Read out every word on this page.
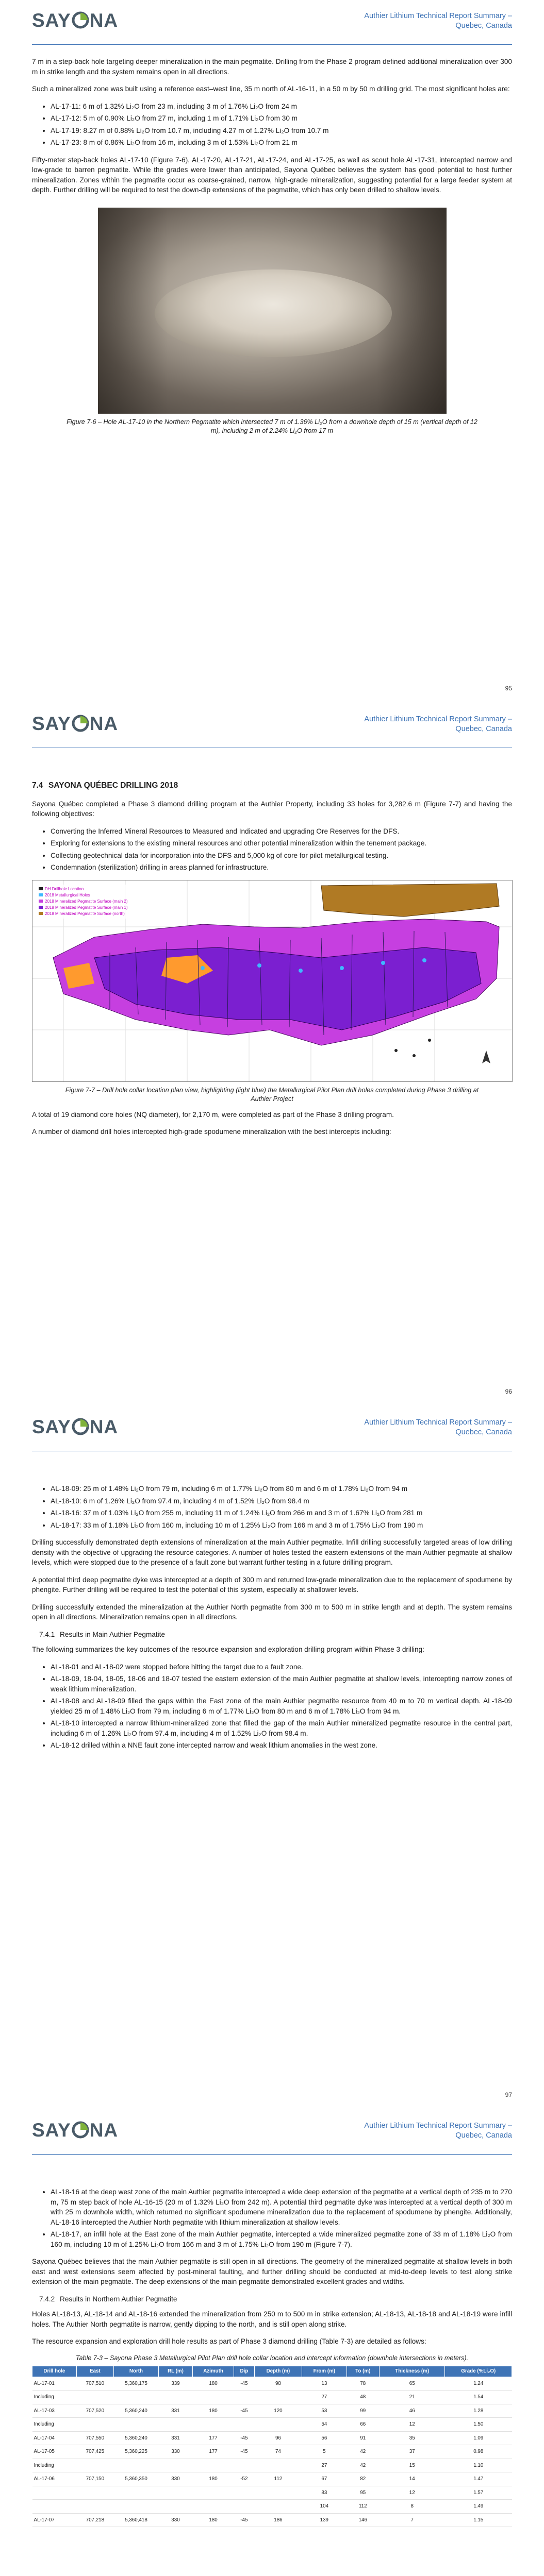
SAY NA	Authier Lithium Technical Report Summary –
Quebec, Canada

7 m in a step-back hole targeting deeper mineralization in the main pegmatite. Drilling from the Phase 2 program defined additional mineralization over 300 m in strike length and the system remains open in all directions.

Such a mineralized zone was built using a reference east–west line, 35 m north of AL-16-11, in a 50 m by 50 m drilling grid. The most significant holes are:

• AL-17-11: 6 m of 1.32% Li₂O from 23 m, including 3 m of 1.76% Li₂O from 24 m
• AL-17-12: 5 m of 0.90% Li₂O from 27 m, including 1 m of 1.71% Li₂O from 30 m
• AL-17-19: 8.27 m of 0.88% Li₂O from 10.7 m, including 4.27 m of 1.27% Li₂O from 10.7 m
• AL-17-23: 8 m of 0.86% Li₂O from 16 m, including 3 m of 1.53% Li₂O from 21 m

Fifty-meter step-back holes AL-17-10 (Figure 7-6), AL-17-20, AL-17-21, AL-17-24, and AL-17-25, as well as scout hole AL-17-31, intercepted narrow and low-grade to barren pegmatite. While the grades were lower than anticipated, Sayona Québec believes the system has good potential to host further mineralization. Zones within the pegmatite occur as coarse-grained, narrow, high-grade mineralization, suggesting potential for a large feeder system at depth. Further drilling will be required to test the down-dip extensions of the pegmatite, which has only been drilled to shallow levels.

Figure 7-6 – Hole AL-17-10 in the Northern Pegmatite which intersected 7 m of 1.36% Li₂O from a downhole depth of 15 m (vertical depth of 12 m), including 2 m of 2.24% Li₂O from 17 m
95
SAY NA	Authier Lithium Technical Report Summary –
Quebec, Canada
7.4 SAYONA QUÉBEC DRILLING 2018

Sayona Québec completed a Phase 3 diamond drilling program at the Authier Property, including 33 holes for 3,282.6 m (Figure 7-7) and having the following objectives:

• Converting the Inferred Mineral Resources to Measured and Indicated and upgrading Ore Reserves for the DFS.
• Exploring for extensions to the existing mineral resources and other potential mineralization within the tenement package.
• Collecting geotechnical data for incorporation into the DFS and 5,000 kg of core for pilot metallurgical testing.
• Condemnation (sterilization) drilling in areas planned for infrastructure.
DH Drillhole Location
2018 Metallurgical Holes
2018 Mineralized Pegmatite Surface (main 2)
2018 Mineralized Pegmatite Surface (main 1)
2018 Mineralized Pegmatite Surface (north)
Figure 7-7 – Drill hole collar location plan view, highlighting (light blue) the Metallurgical Pilot Plan drill holes completed during Phase 3 drilling at Authier Project

A total of 19 diamond core holes (NQ diameter), for 2,170 m, were completed as part of the Phase 3 drilling program.

A number of diamond drill holes intercepted high-grade spodumene mineralization with the best intercepts including:

96
SAY NA	Authier Lithium Technical Report Summary –
Quebec, Canada
• AL-18-09: 25 m of 1.48% Li₂O from 79 m, including 6 m of 1.77% Li₂O from 80 m and 6 m of 1.78% Li₂O from 94 m
• AL-18-10: 6 m of 1.26% Li₂O from 97.4 m, including 4 m of 1.52% Li₂O from 98.4 m
• AL-18-16: 37 m of 1.03% Li₂O from 255 m, including 11 m of 1.24% Li₂O from 266 m and 3 m of 1.67% Li₂O from 281 m
• AL-18-17: 33 m of 1.18% Li₂O from 160 m, including 10 m of 1.25% Li₂O from 166 m and 3 m of 1.75% Li₂O from 190 m

Drilling successfully demonstrated depth extensions of mineralization at the main Authier pegmatite. Infill drilling successfully targeted areas of low drilling density with the objective of upgrading the resource categories. A number of holes tested the eastern extensions of the main Authier pegmatite at shallow levels, which were stopped due to the presence of a fault zone but warrant further testing in a future drilling program.

A potential third deep pegmatite dyke was intercepted at a depth of 300 m and returned low-grade mineralization due to the replacement of spodumene by phengite. Further drilling will be required to test the potential of this system, especially at shallower levels.

Drilling successfully extended the mineralization at the Authier North pegmatite from 300 m to 500 m in strike length and at depth. The system remains open in all directions. Mineralization remains open in all directions.

7.4.1 Results in Main Authier Pegmatite

The following summarizes the key outcomes of the resource expansion and exploration drilling program within Phase 3 drilling:

• AL-18-01 and AL-18-02 were stopped before hitting the target due to a fault zone.
• AL-18-09, 18-04, 18-05, 18-06 and 18-07 tested the eastern extension of the main Authier pegmatite at shallow levels, intercepting narrow zones of weak lithium mineralization.
• AL-18-08 and AL-18-09 filled the gaps within the East zone of the main Authier pegmatite resource from 40 m to 70 m vertical depth. AL-18-09 yielded 25 m of 1.48% Li₂O from 79 m, including 6 m of 1.77% Li₂O from 80 m and 6 m of 1.78% Li₂O from 94 m.
• AL-18-10 intercepted a narrow lithium-mineralized zone that filled the gap of the main Authier mineralized pegmatite resource in the central part, including 6 m of 1.26% Li₂O from 97.4 m, including 4 m of 1.52% Li₂O from 98.4 m.
• AL-18-12 drilled within a NNE fault zone intercepted narrow and weak lithium anomalies in the west zone.
97
SAY NA	Authier Lithium Technical Report Summary –
Quebec, Canada
• AL-18-16 at the deep west zone of the main Authier pegmatite intercepted a wide deep extension of the pegmatite at a vertical depth of 235 m to 270 m, 75 m step back of hole AL-16-15 (20 m of 1.32% Li₂O from 242 m). A potential third pegmatite dyke was intercepted at a vertical depth of 300 m with 25 m downhole width, which returned no significant spodumene mineralization due to the replacement of spodumene by phengite. Additionally, AL-18-16 intercepted the Authier North pegmatite with lithium mineralization at shallow levels.
• AL-18-17, an infill hole at the East zone of the main Authier pegmatite, intercepted a wide mineralized pegmatite zone of 33 m of 1.18% Li₂O from 160 m, including 10 m of 1.25% Li₂O from 166 m and 3 m of 1.75% Li₂O from 190 m (Figure 7-7).

Sayona Québec believes that the main Authier pegmatite is still open in all directions. The geometry of the mineralized pegmatite at shallow levels in both east and west extensions seem affected by post-mineral faulting, and further drilling should be conducted at mid-to-deep levels to test along strike extension of the main pegmatite. The deep extensions of the main pegmatite demonstrated excellent grades and widths.

7.4.2 Results in Northern Authier Pegmatite

Holes AL-18-13, AL-18-14 and AL-18-16 extended the mineralization from 250 m to 500 m in strike extension; AL-18-13, AL-18-18 and AL-18-19 were infill holes. The Authier North pegmatite is narrow, gently dipping to the north, and is still open along strike.

The resource expansion and exploration drill hole results as part of Phase 3 diamond drilling (Table 7-3) are detailed as follows:

Table 7-3 – Sayona Phase 3 Metallurgical Pilot Plan drill hole collar location and intercept information (downhole intersections in meters).
Drill hole	East	North	RL (m)	Azimuth	Dip	Depth (m)	From (m)	To (m)	Thickness (m)	Grade (%Li₂O)
AL-17-01	707,510	5,360,175	339	180	-45	98	13	78	65	1.24
Including							27	48	21	1.54
AL-17-03	707,520	5,360,240	331	180	-45	120	53	99	46	1.28
Including							54	66	12	1.50
AL-17-04	707,550	5,360,240	331	177	-45	96	56	91	35	1.09
AL-17-05	707,425	5,360,225	330	177	-45	74	5	42	37	0.98
Including							27	42	15	1.10
AL-17-06	707,150	5,360,350	330	180	-52	112	67	82	14	1.47
							83	95	12	1.57
							104	112	8	1.49
AL-17-07	707,218	5,360,418	330	180	-45	186	139	146	7	1.15
